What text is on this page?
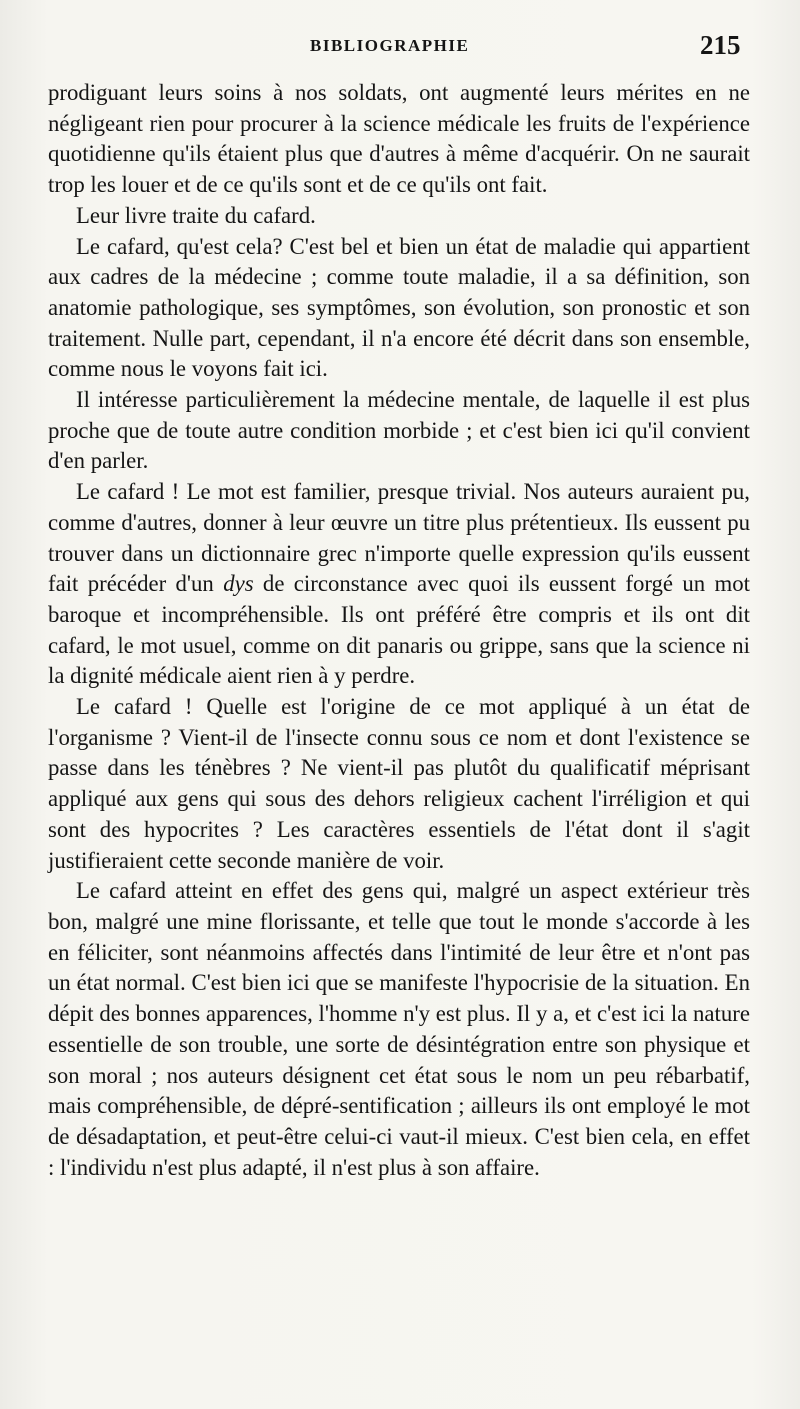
BIBLIOGRAPHIE	215

prodiguant leurs soins à nos soldats, ont augmenté leurs mérites en ne négligeant rien pour procurer à la science médicale les fruits de l'expérience quotidienne qu'ils étaient plus que d'autres à même d'acquérir. On ne saurait trop les louer et de ce qu'ils sont et de ce qu'ils ont fait.

Leur livre traite du cafard.

Le cafard, qu'est cela? C'est bel et bien un état de maladie qui appartient aux cadres de la médecine ; comme toute maladie, il a sa définition, son anatomie pathologique, ses symptômes, son évolution, son pronostic et son traitement. Nulle part, cependant, il n'a encore été décrit dans son ensemble, comme nous le voyons fait ici.

Il intéresse particulièrement la médecine mentale, de laquelle il est plus proche que de toute autre condition morbide ; et c'est bien ici qu'il convient d'en parler.

Le cafard ! Le mot est familier, presque trivial. Nos auteurs auraient pu, comme d'autres, donner à leur œuvre un titre plus prétentieux. Ils eussent pu trouver dans un dictionnaire grec n'importe quelle expression qu'ils eussent fait précéder d'un dys de circonstance avec quoi ils eussent forgé un mot baroque et incompréhensible. Ils ont préféré être compris et ils ont dit cafard, le mot usuel, comme on dit panaris ou grippe, sans que la science ni la dignité médicale aient rien à y perdre.

Le cafard ! Quelle est l'origine de ce mot appliqué à un état de l'organisme ? Vient-il de l'insecte connu sous ce nom et dont l'existence se passe dans les ténèbres ? Ne vient-il pas plutôt du qualificatif méprisant appliqué aux gens qui sous des dehors religieux cachent l'irréligion et qui sont des hypocrites ? Les caractères essentiels de l'état dont il s'agit justifieraient cette seconde manière de voir.

Le cafard atteint en effet des gens qui, malgré un aspect extérieur très bon, malgré une mine florissante, et telle que tout le monde s'accorde à les en féliciter, sont néanmoins affectés dans l'intimité de leur être et n'ont pas un état normal. C'est bien ici que se manifeste l'hypocrisie de la situation. En dépit des bonnes apparences, l'homme n'y est plus. Il y a, et c'est ici la nature essentielle de son trouble, une sorte de désintégration entre son physique et son moral ; nos auteurs désignent cet état sous le nom un peu rébarbatif, mais compréhensible, de dépré-sentification ; ailleurs ils ont employé le mot de désadaptation, et peut-être celui-ci vaut-il mieux. C'est bien cela, en effet : l'individu n'est plus adapté, il n'est plus à son affaire.
